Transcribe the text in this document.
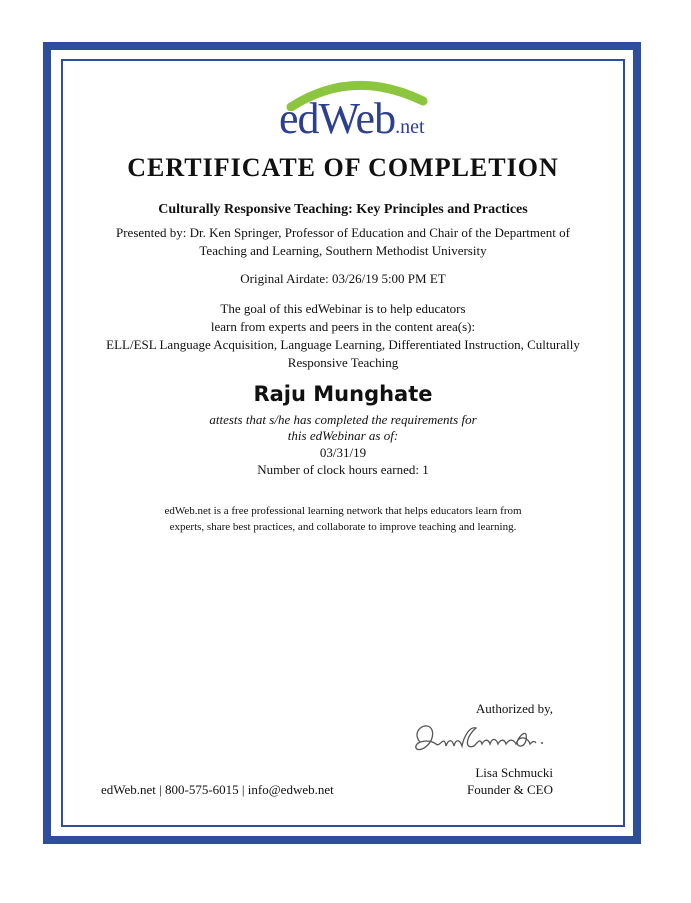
edWeb.net
CERTIFICATE OF COMPLETION
Culturally Responsive Teaching: Key Principles and Practices
Presented by: Dr. Ken Springer, Professor of Education and Chair of the Department of
Teaching and Learning, Southern Methodist University
Original Airdate: 03/26/19 5:00 PM ET
The goal of this edWebinar is to help educators
learn from experts and peers in the content area(s):
ELL/ESL Language Acquisition, Language Learning, Differentiated Instruction, Culturally
Responsive Teaching
Raju Munghate
attests that s/he has completed the requirements for
this edWebinar as of:
03/31/19
Number of clock hours earned: 1
edWeb.net is a free professional learning network that helps educators learn from
experts, share best practices, and collaborate to improve teaching and learning.
Authorized by,
Lisa Schmucki
Founder & CEO
edWeb.net | 800-575-6015 | info@edweb.net
